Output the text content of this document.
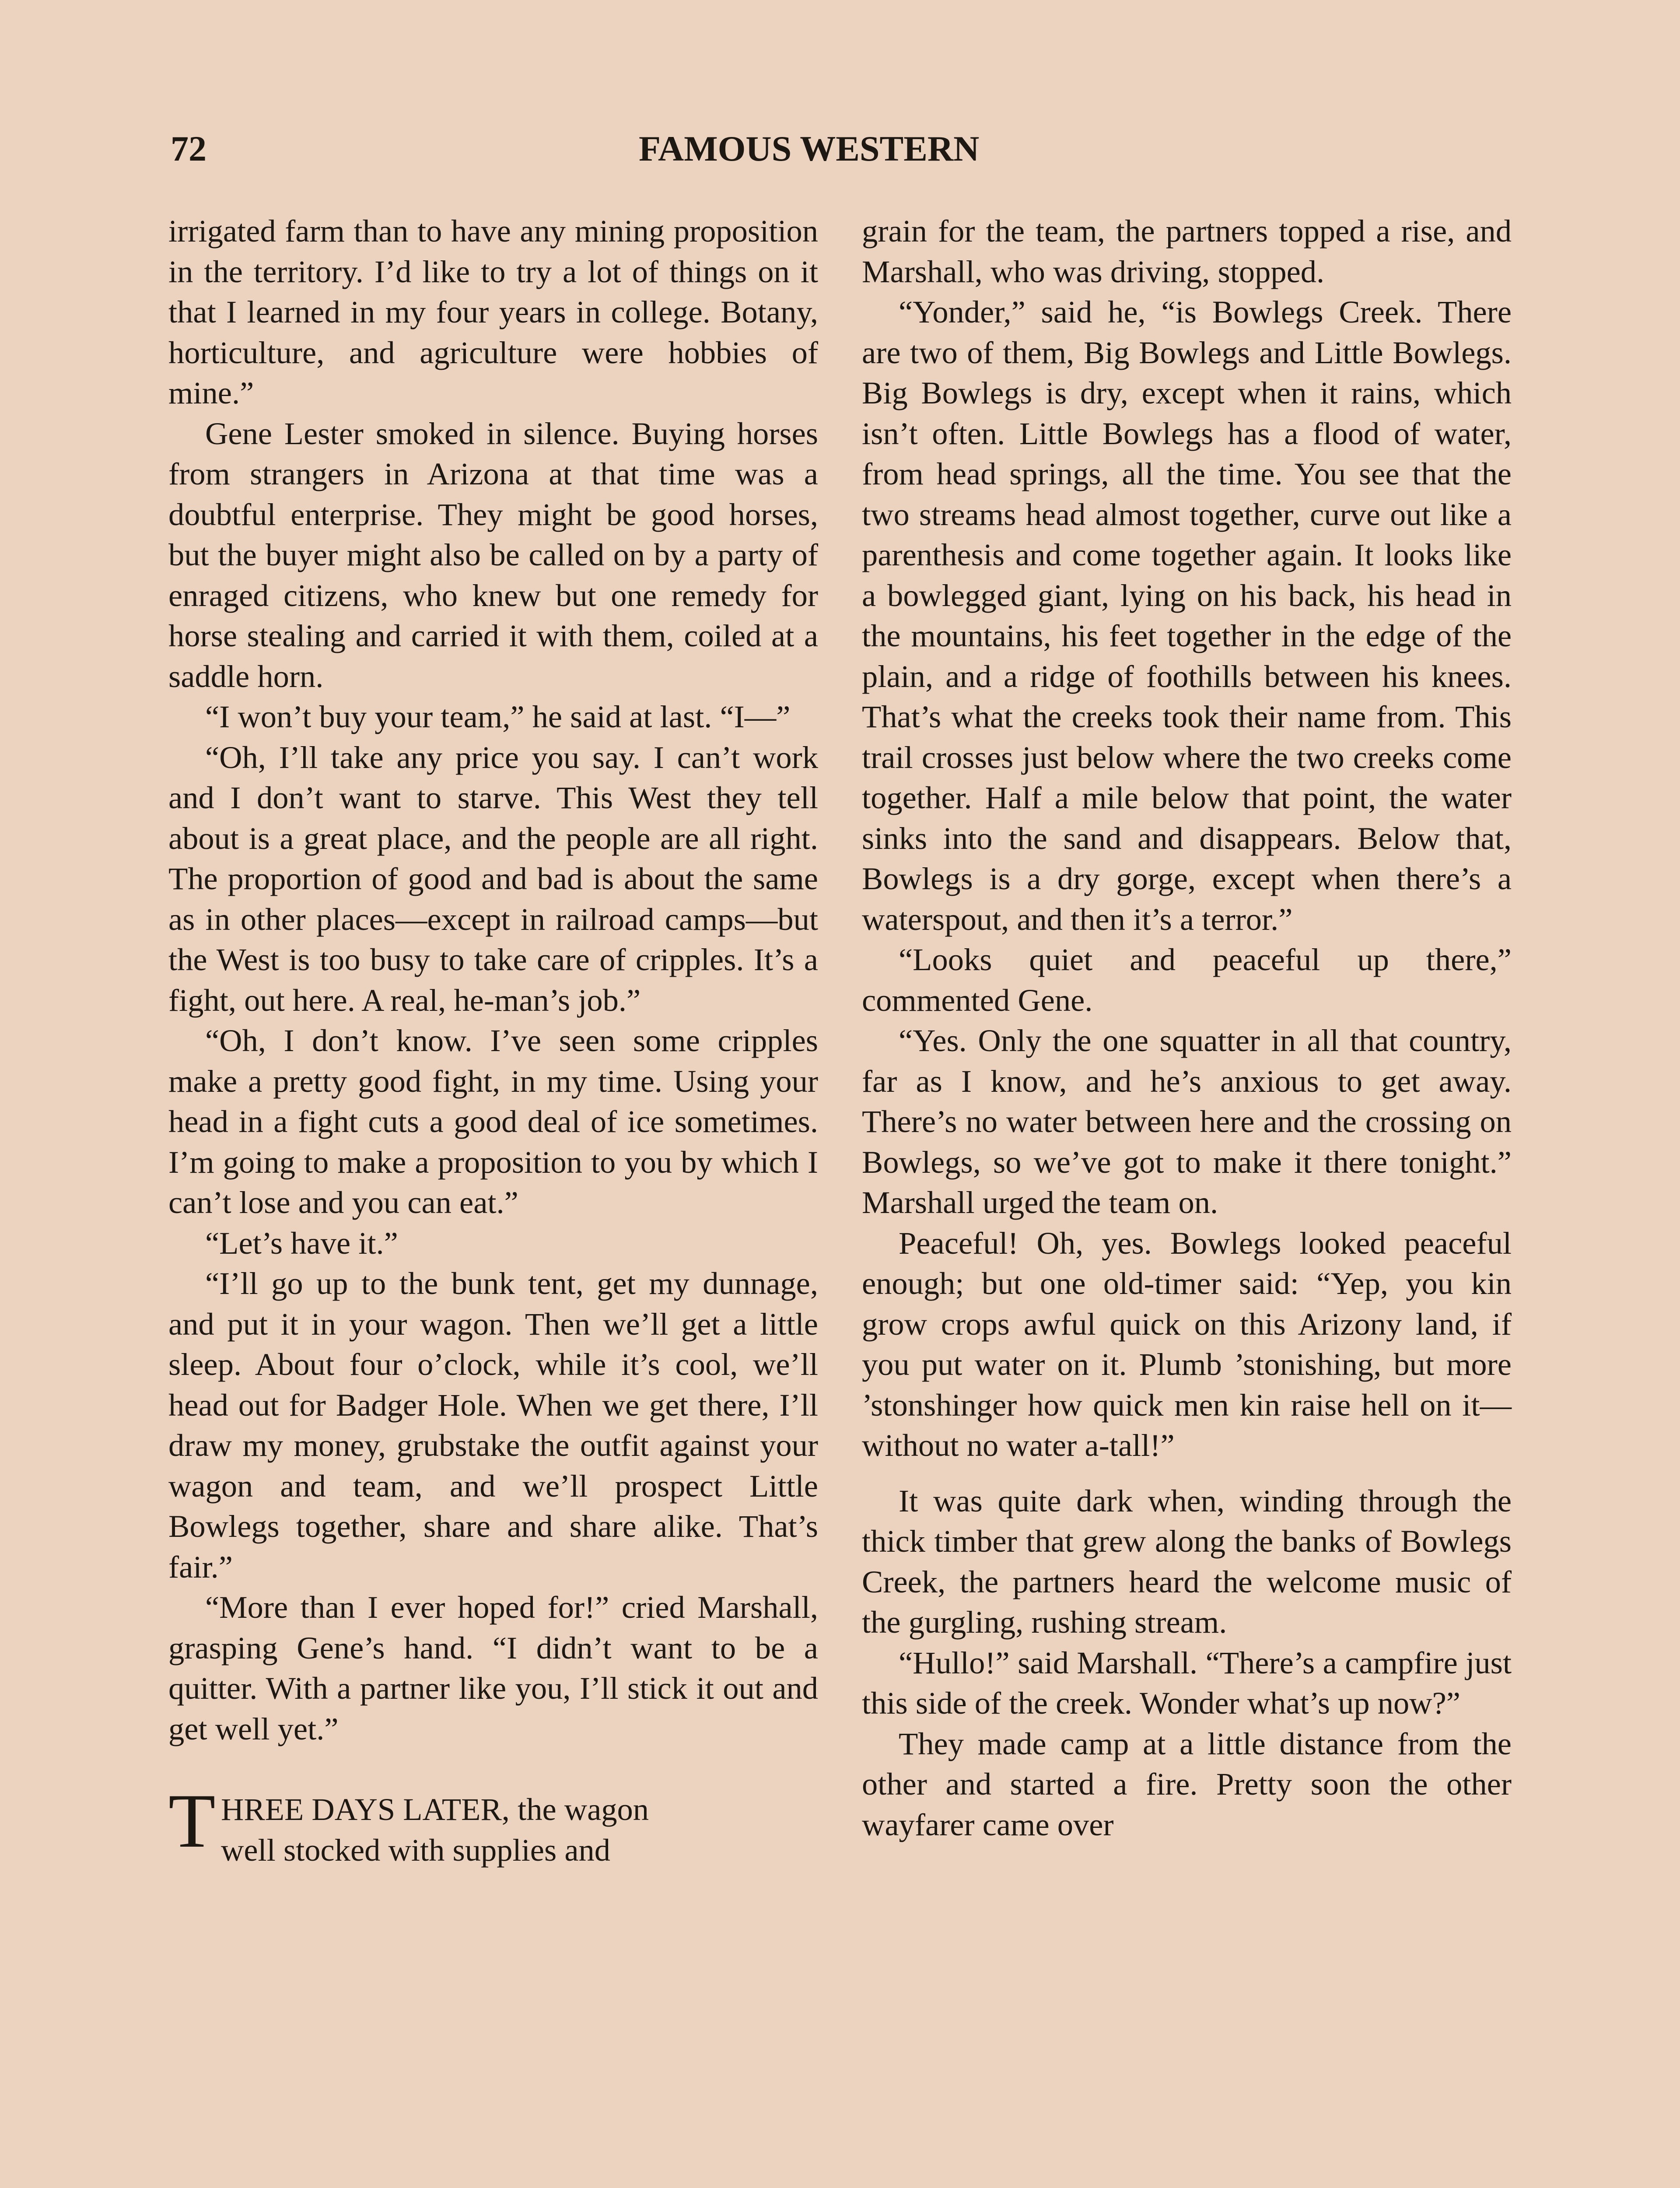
72	FAMOUS WESTERN

irrigated farm than to have any mining proposition in the territory. I’d like to try a lot of things on it that I learned in my four years in college. Botany, horticulture, and agriculture were hobbies of mine.”

Gene Lester smoked in silence. Buying horses from strangers in Arizona at that time was a doubtful enterprise. They might be good horses, but the buyer might also be called on by a party of enraged citizens, who knew but one remedy for horse stealing and carried it with them, coiled at a saddle horn.

“I won’t buy your team,” he said at last. “I—”

“Oh, I’ll take any price you say. I can’t work and I don’t want to starve. This West they tell about is a great place, and the people are all right. The proportion of good and bad is about the same as in other places—except in railroad camps—but the West is too busy to take care of cripples. It’s a fight, out here. A real, he-man’s job.”

“Oh, I don’t know. I’ve seen some cripples make a pretty good fight, in my time. Using your head in a fight cuts a good deal of ice sometimes. I’m going to make a proposition to you by which I can’t lose and you can eat.”

“Let’s have it.”

“I’ll go up to the bunk tent, get my dunnage, and put it in your wagon. Then we’ll get a little sleep. About four o’clock, while it’s cool, we’ll head out for Badger Hole. When we get there, I’ll draw my money, grubstake the outfit against your wagon and team, and we’ll prospect Little Bowlegs together, share and share alike. That’s fair.”

“More than I ever hoped for!” cried Marshall, grasping Gene’s hand. “I didn’t want to be a quitter. With a partner like you, I’ll stick it out and get well yet.”

T HREE DAYS LATER, the wagon
well stocked with supplies and

grain for the team, the partners topped a rise, and Marshall, who was driving, stopped.

“Yonder,” said he, “is Bowlegs Creek. There are two of them, Big Bowlegs and Little Bowlegs. Big Bowlegs is dry, except when it rains, which isn’t often. Little Bowlegs has a flood of water, from head springs, all the time. You see that the two streams head almost together, curve out like a parenthesis and come together again. It looks like a bowlegged giant, lying on his back, his head in the mountains, his feet together in the edge of the plain, and a ridge of foothills between his knees. That’s what the creeks took their name from. This trail crosses just below where the two creeks come together. Half a mile below that point, the water sinks into the sand and disappears. Below that, Bowlegs is a dry gorge, except when there’s a waterspout, and then it’s a terror.”

“Looks quiet and peaceful up there,” commented Gene.

“Yes. Only the one squatter in all that country, far as I know, and he’s anxious to get away. There’s no water between here and the crossing on Bowlegs, so we’ve got to make it there tonight.” Marshall urged the team on.

Peaceful! Oh, yes. Bowlegs looked peaceful enough; but one old-timer said: “Yep, you kin grow crops awful quick on this Arizony land, if you put water on it. Plumb ’stonishing, but more ’stonshinger how quick men kin raise hell on it—without no water a-tall!”

It was quite dark when, winding through the thick timber that grew along the banks of Bowlegs Creek, the partners heard the welcome music of the gurgling, rushing stream.

“Hullo!” said Marshall. “There’s a campfire just this side of the creek. Wonder what’s up now?”

They made camp at a little distance from the other and started a fire. Pretty soon the other wayfarer came over
